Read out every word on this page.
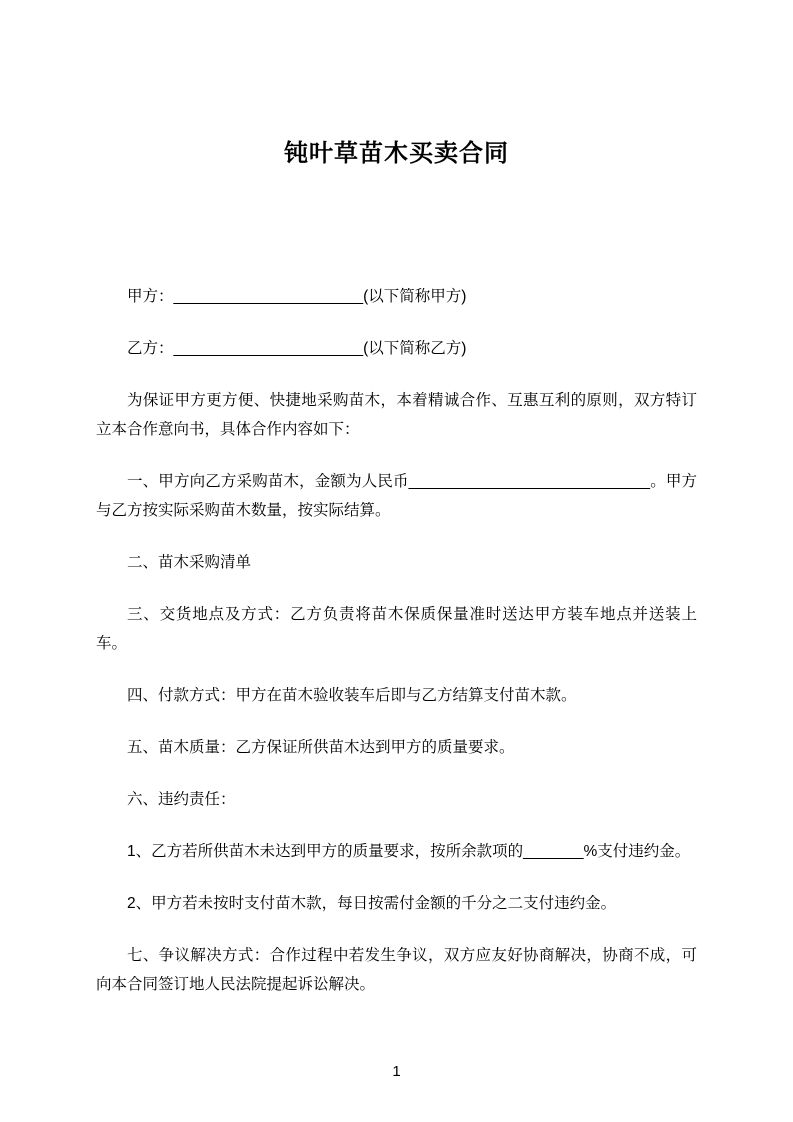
钝叶草苗木买卖合同
甲方：______________________(以下简称甲方)
乙方：______________________(以下简称乙方)
为保证甲方更方便、快捷地采购苗木，本着精诚合作、互惠互利的原则，双方特订立本合作意向书，具体合作内容如下：
一、甲方向乙方采购苗木，金额为人民币____________________________。甲方与乙方按实际采购苗木数量，按实际结算。
二、苗木采购清单
三、交货地点及方式：乙方负责将苗木保质保量准时送达甲方装车地点并送装上车。
四、付款方式：甲方在苗木验收装车后即与乙方结算支付苗木款。
五、苗木质量：乙方保证所供苗木达到甲方的质量要求。
六、违约责任：
1、乙方若所供苗木未达到甲方的质量要求，按所余款项的_______%支付违约金。
2、甲方若未按时支付苗木款，每日按需付金额的千分之二支付违约金。
七、争议解决方式：合作过程中若发生争议，双方应友好协商解决，协商不成，可向本合同签订地人民法院提起诉讼解决。
1
